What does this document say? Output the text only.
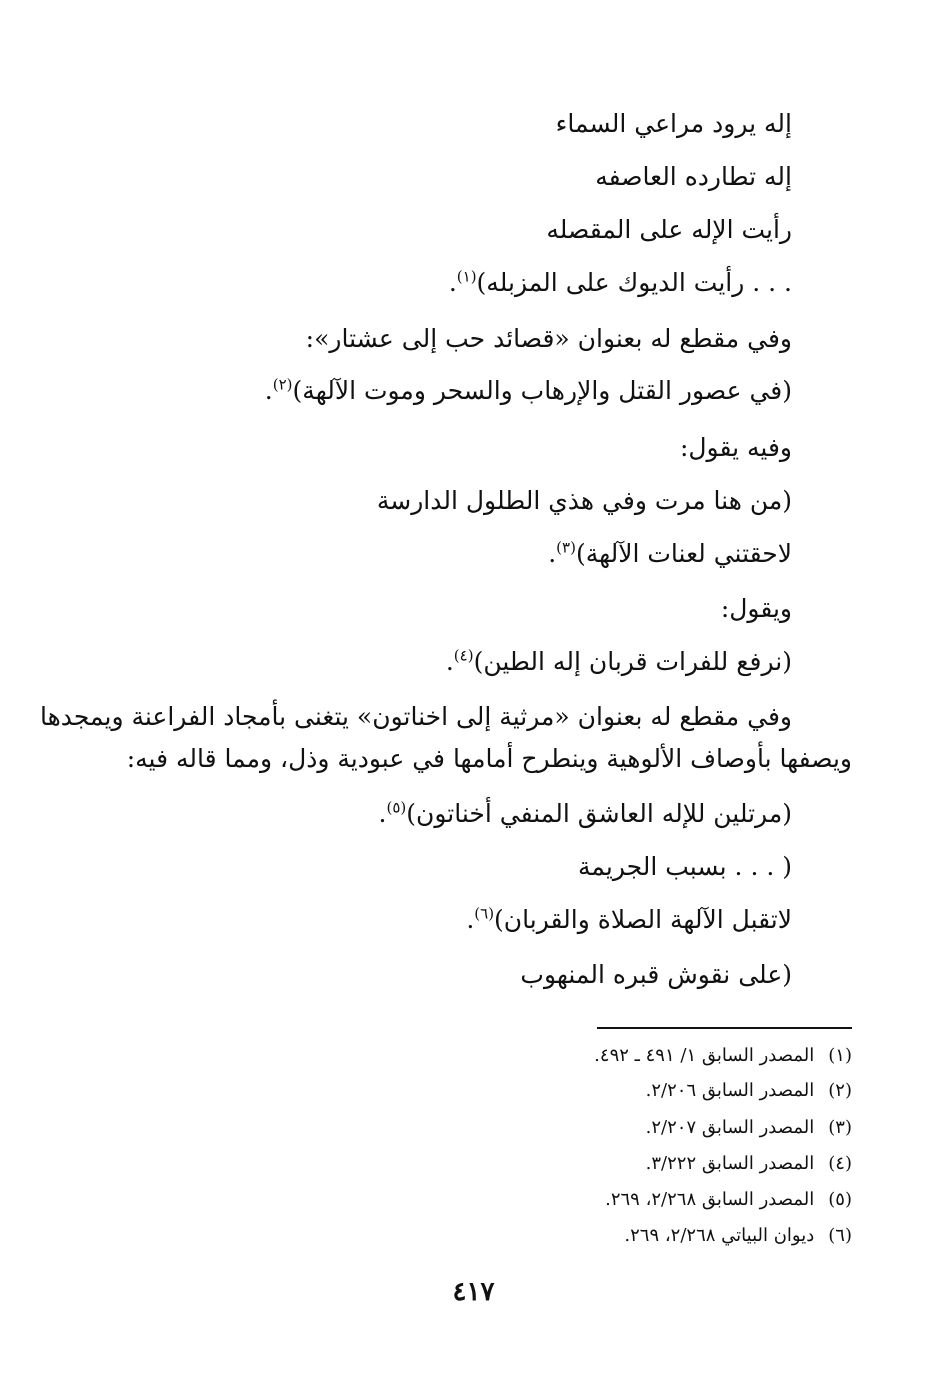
إله يرود مراعي السماء
إله تطارده العاصفه
رأيت الإله على المقصله
. . . رأيت الديوك على المزبله)$^{(١)}$.
وفي مقطع له بعنوان «قصائد حب إلى عشتار»:
(في عصور القتل والإرهاب والسحر وموت الآلهة)$^{(٢)}$.
وفيه يقول:
(من هنا مرت وفي هذي الطلول الدارسة
لاحقتني لعنات الآلهة)$^{(٣)}$.
ويقول:
(نرفع للفرات قربان إله الطين)$^{(٤)}$.
وفي مقطع له بعنوان «مرثية إلى اخناتون» يتغنى بأمجاد الفراعنة ويمجدها
ويصفها بأوصاف الألوهية وينطرح أمامها في عبودية وذل، ومما قاله فيه:
(مرتلين للإله العاشق المنفي أخناتون)$^{(٥)}$.
( . . . بسبب الجريمة
لاتقبل الآلهة الصلاة والقربان)$^{(٦)}$.
(على نقوش قبره المنهوب
(١)المصدر السابق ١/ ٤٩١ ـ ٤٩٢.
(٢)المصدر السابق ٢/٢٠٦.
(٣)المصدر السابق ٢/٢٠٧.
(٤)المصدر السابق ٣/٢٢٢.
(٥)المصدر السابق ٢/٢٦٨، ٢٦٩.
(٦)ديوان البياتي ٢/٢٦٨، ٢٦٩.
٤١٧
